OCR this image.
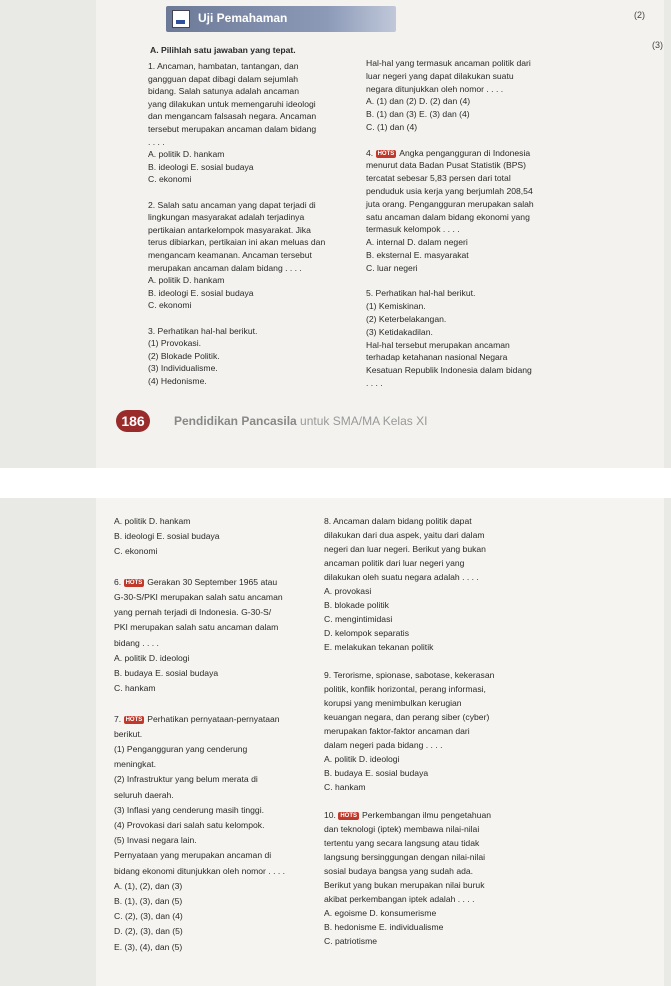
Uji Pemahaman	(2)
(3)
A. Pilihlah satu jawaban yang tepat.
1. Ancaman, hambatan, tantangan, dan
gangguan dapat dibagi dalam sejumlah
bidang. Salah satunya adalah ancaman
yang dilakukan untuk memengaruhi ideologi
dan mengancam falsasah negara. Ancaman
tersebut merupakan ancaman dalam bidang
. . . .
A. politik D. hankam
B. ideologi E. sosial budaya
C. ekonomi
2. Salah satu ancaman yang dapat terjadi di
lingkungan masyarakat adalah terjadinya
pertikaian antarkelompok masyarakat. Jika
terus dibiarkan, pertikaian ini akan meluas dan
mengancam keamanan. Ancaman tersebut
merupakan ancaman dalam bidang . . . .
A. politik D. hankam
B. ideologi E. sosial budaya
C. ekonomi
3. Perhatikan hal-hal berikut.
(1) Provokasi.
(2) Blokade Politik.
(3) Individualisme.
(4) Hedonisme.
Hal-hal yang termasuk ancaman politik dari
luar negeri yang dapat dilakukan suatu
negara ditunjukkan oleh nomor . . . .
A. (1) dan (2) D. (2) dan (4)
B. (1) dan (3) E. (3) dan (4)
C. (1) dan (4)
4. HOTS Angka pengangguran di Indonesia
menurut data Badan Pusat Statistik (BPS)
tercatat sebesar 5,83 persen dari total
penduduk usia kerja yang berjumlah 208,54
juta orang. Pengangguran merupakan salah
satu ancaman dalam bidang ekonomi yang
termasuk kelompok . . . .
A. internal D. dalam negeri
B. eksternal E. masyarakat
C. luar negeri
5. Perhatikan hal-hal berikut.
(1) Kemiskinan.
(2) Keterbelakangan.
(3) Ketidakadilan.
Hal-hal tersebut merupakan ancaman
terhadap ketahanan nasional Negara
Kesatuan Republik Indonesia dalam bidang
. . . .
186	Pendidikan Pancasila untuk SMA/MA Kelas XI
A. politik D. hankam
B. ideologi E. sosial budaya
C. ekonomi
6. HOTS Gerakan 30 September 1965 atau
G-30-S/PKI merupakan salah satu ancaman
yang pernah terjadi di Indonesia. G-30-S/
PKI merupakan salah satu ancaman dalam
bidang . . . .
A. politik D. ideologi
B. budaya E. sosial budaya
C. hankam
7. HOTS Perhatikan pernyataan-pernyataan
berikut.
(1) Pengangguran yang cenderung
meningkat.
(2) Infrastruktur yang belum merata di
seluruh daerah.
(3) Inflasi yang cenderung masih tinggi.
(4) Provokasi dari salah satu kelompok.
(5) Invasi negara lain.
Pernyataan yang merupakan ancaman di
bidang ekonomi ditunjukkan oleh nomor . . . .
A. (1), (2), dan (3)
B. (1), (3), dan (5)
C. (2), (3), dan (4)
D. (2), (3), dan (5)
E. (3), (4), dan (5)
8. Ancaman dalam bidang politik dapat
dilakukan dari dua aspek, yaitu dari dalam
negeri dan luar negeri. Berikut yang bukan
ancaman politik dari luar negeri yang
dilakukan oleh suatu negara adalah . . . .
A. provokasi
B. blokade politik
C. mengintimidasi
D. kelompok separatis
E. melakukan tekanan politik
9. Terorisme, spionase, sabotase, kekerasan
politik, konflik horizontal, perang informasi,
korupsi yang menimbulkan kerugian
keuangan negara, dan perang siber (cyber)
merupakan faktor-faktor ancaman dari
dalam negeri pada bidang . . . .
A. politik D. ideologi
B. budaya E. sosial budaya
C. hankam
10. HOTS Perkembangan ilmu pengetahuan
dan teknologi (iptek) membawa nilai-nilai
tertentu yang secara langsung atau tidak
langsung bersinggungan dengan nilai-nilai
sosial budaya bangsa yang sudah ada.
Berikut yang bukan merupakan nilai buruk
akibat perkembangan iptek adalah . . . .
A. egoisme D. konsumerisme
B. hedonisme E. individualisme
C. patriotisme
